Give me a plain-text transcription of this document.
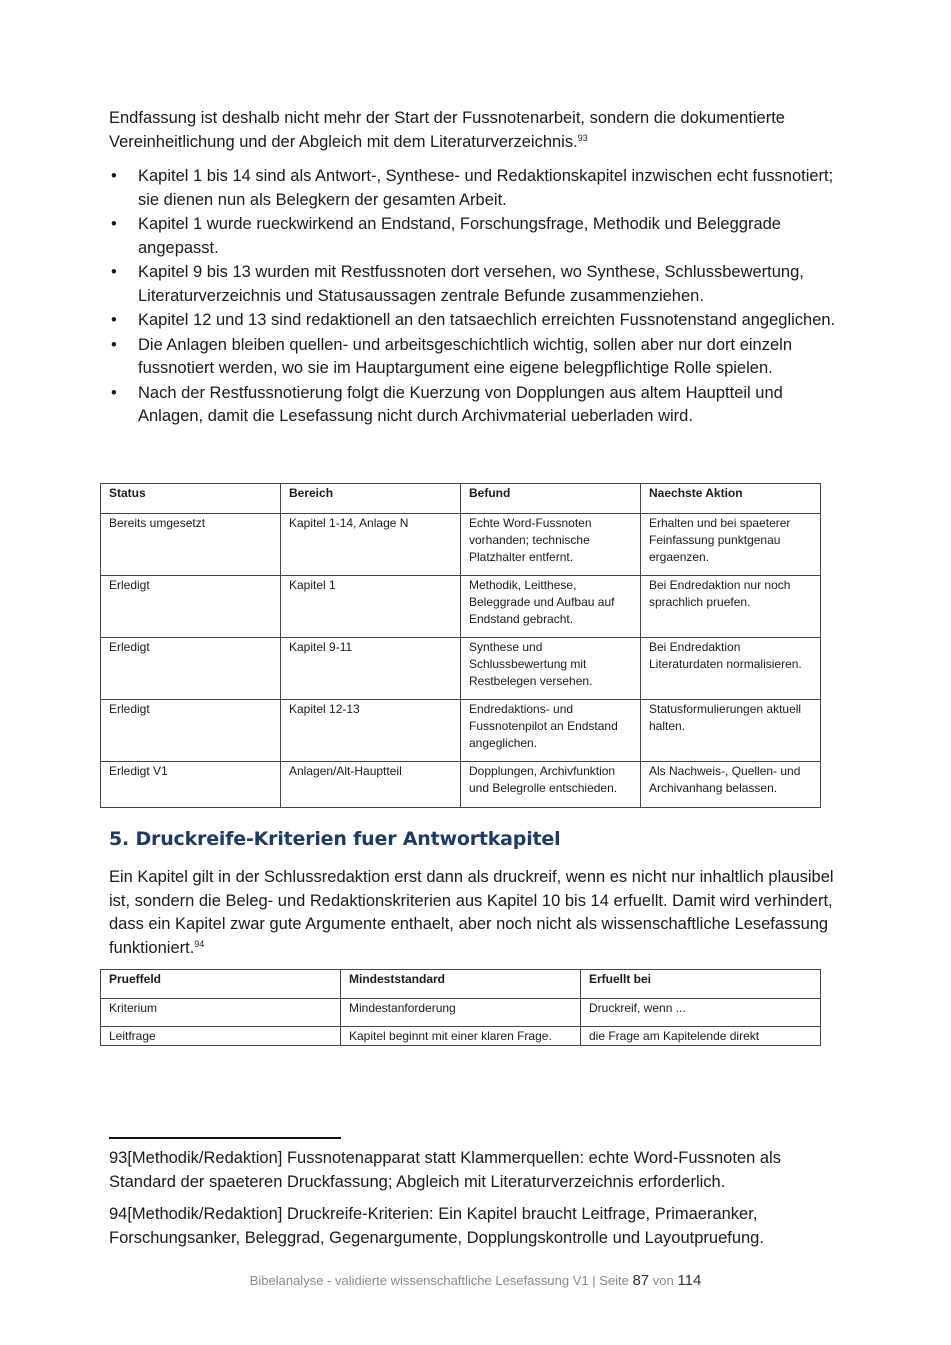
Endfassung ist deshalb nicht mehr der Start der Fussnotenarbeit, sondern die dokumentierte Vereinheitlichung und der Abgleich mit dem Literaturverzeichnis.$^{93}$

• Kapitel 1 bis 14 sind als Antwort-, Synthese- und Redaktionskapitel inzwischen echt fussnotiert; sie dienen nun als Belegkern der gesamten Arbeit.
• Kapitel 1 wurde rueckwirkend an Endstand, Forschungsfrage, Methodik und Beleggrade angepasst.
• Kapitel 9 bis 13 wurden mit Restfussnoten dort versehen, wo Synthese, Schlussbewertung, Literaturverzeichnis und Statusaussagen zentrale Befunde zusammenziehen.
• Kapitel 12 und 13 sind redaktionell an den tatsaechlich erreichten Fussnotenstand angeglichen.
• Die Anlagen bleiben quellen- und arbeitsgeschichtlich wichtig, sollen aber nur dort einzeln fussnotiert werden, wo sie im Hauptargument eine eigene belegpflichtige Rolle spielen.
• Nach der Restfussnotierung folgt die Kuerzung von Dopplungen aus altem Hauptteil und Anlagen, damit die Lesefassung nicht durch Archivmaterial ueberladen wird.
Status	Bereich	Befund	Naechste Aktion
Bereits umgesetzt	Kapitel 1-14, Anlage N	Echte Word-Fussnoten vorhanden; technische Platzhalter entfernt.	Erhalten und bei spaeterer Feinfassung punktgenau ergaenzen.
Erledigt	Kapitel 1	Methodik, Leitthese, Beleggrade und Aufbau auf Endstand gebracht.	Bei Endredaktion nur noch sprachlich pruefen.
Erledigt	Kapitel 9-11	Synthese und Schlussbewertung mit Restbelegen versehen.	Bei Endredaktion Literaturdaten normalisieren.
Erledigt	Kapitel 12-13	Endredaktions- und Fussnotenpilot an Endstand angeglichen.	Statusformulierungen aktuell halten.
Erledigt V1	Anlagen/Alt-Hauptteil	Dopplungen, Archivfunktion und Belegrolle entschieden.	Als Nachweis-, Quellen- und Archivanhang belassen.
5. Druckreife-Kriterien fuer Antwortkapitel

Ein Kapitel gilt in der Schlussredaktion erst dann als druckreif, wenn es nicht nur inhaltlich plausibel ist, sondern die Beleg- und Redaktionskriterien aus Kapitel 10 bis 14 erfuellt. Damit wird verhindert, dass ein Kapitel zwar gute Argumente enthaelt, aber noch nicht als wissenschaftliche Lesefassung funktioniert.$^{94}$

Prueffeld	Mindeststandard	Erfuellt bei
Kriterium	Mindestanforderung	Druckreif, wenn ...
Leitfrage	Kapitel beginnt mit einer klaren Frage.	die Frage am Kapitelende direkt

93[Methodik/Redaktion] Fussnotenapparat statt Klammerquellen: echte Word-Fussnoten als Standard der spaeteren Druckfassung; Abgleich mit Literaturverzeichnis erforderlich.

94[Methodik/Redaktion] Druckreife-Kriterien: Ein Kapitel braucht Leitfrage, Primaeranker, Forschungsanker, Beleggrad, Gegenargumente, Dopplungskontrolle und Layoutpruefung.

Bibelanalyse - validierte wissenschaftliche Lesefassung V1 | Seite 87 von 114
